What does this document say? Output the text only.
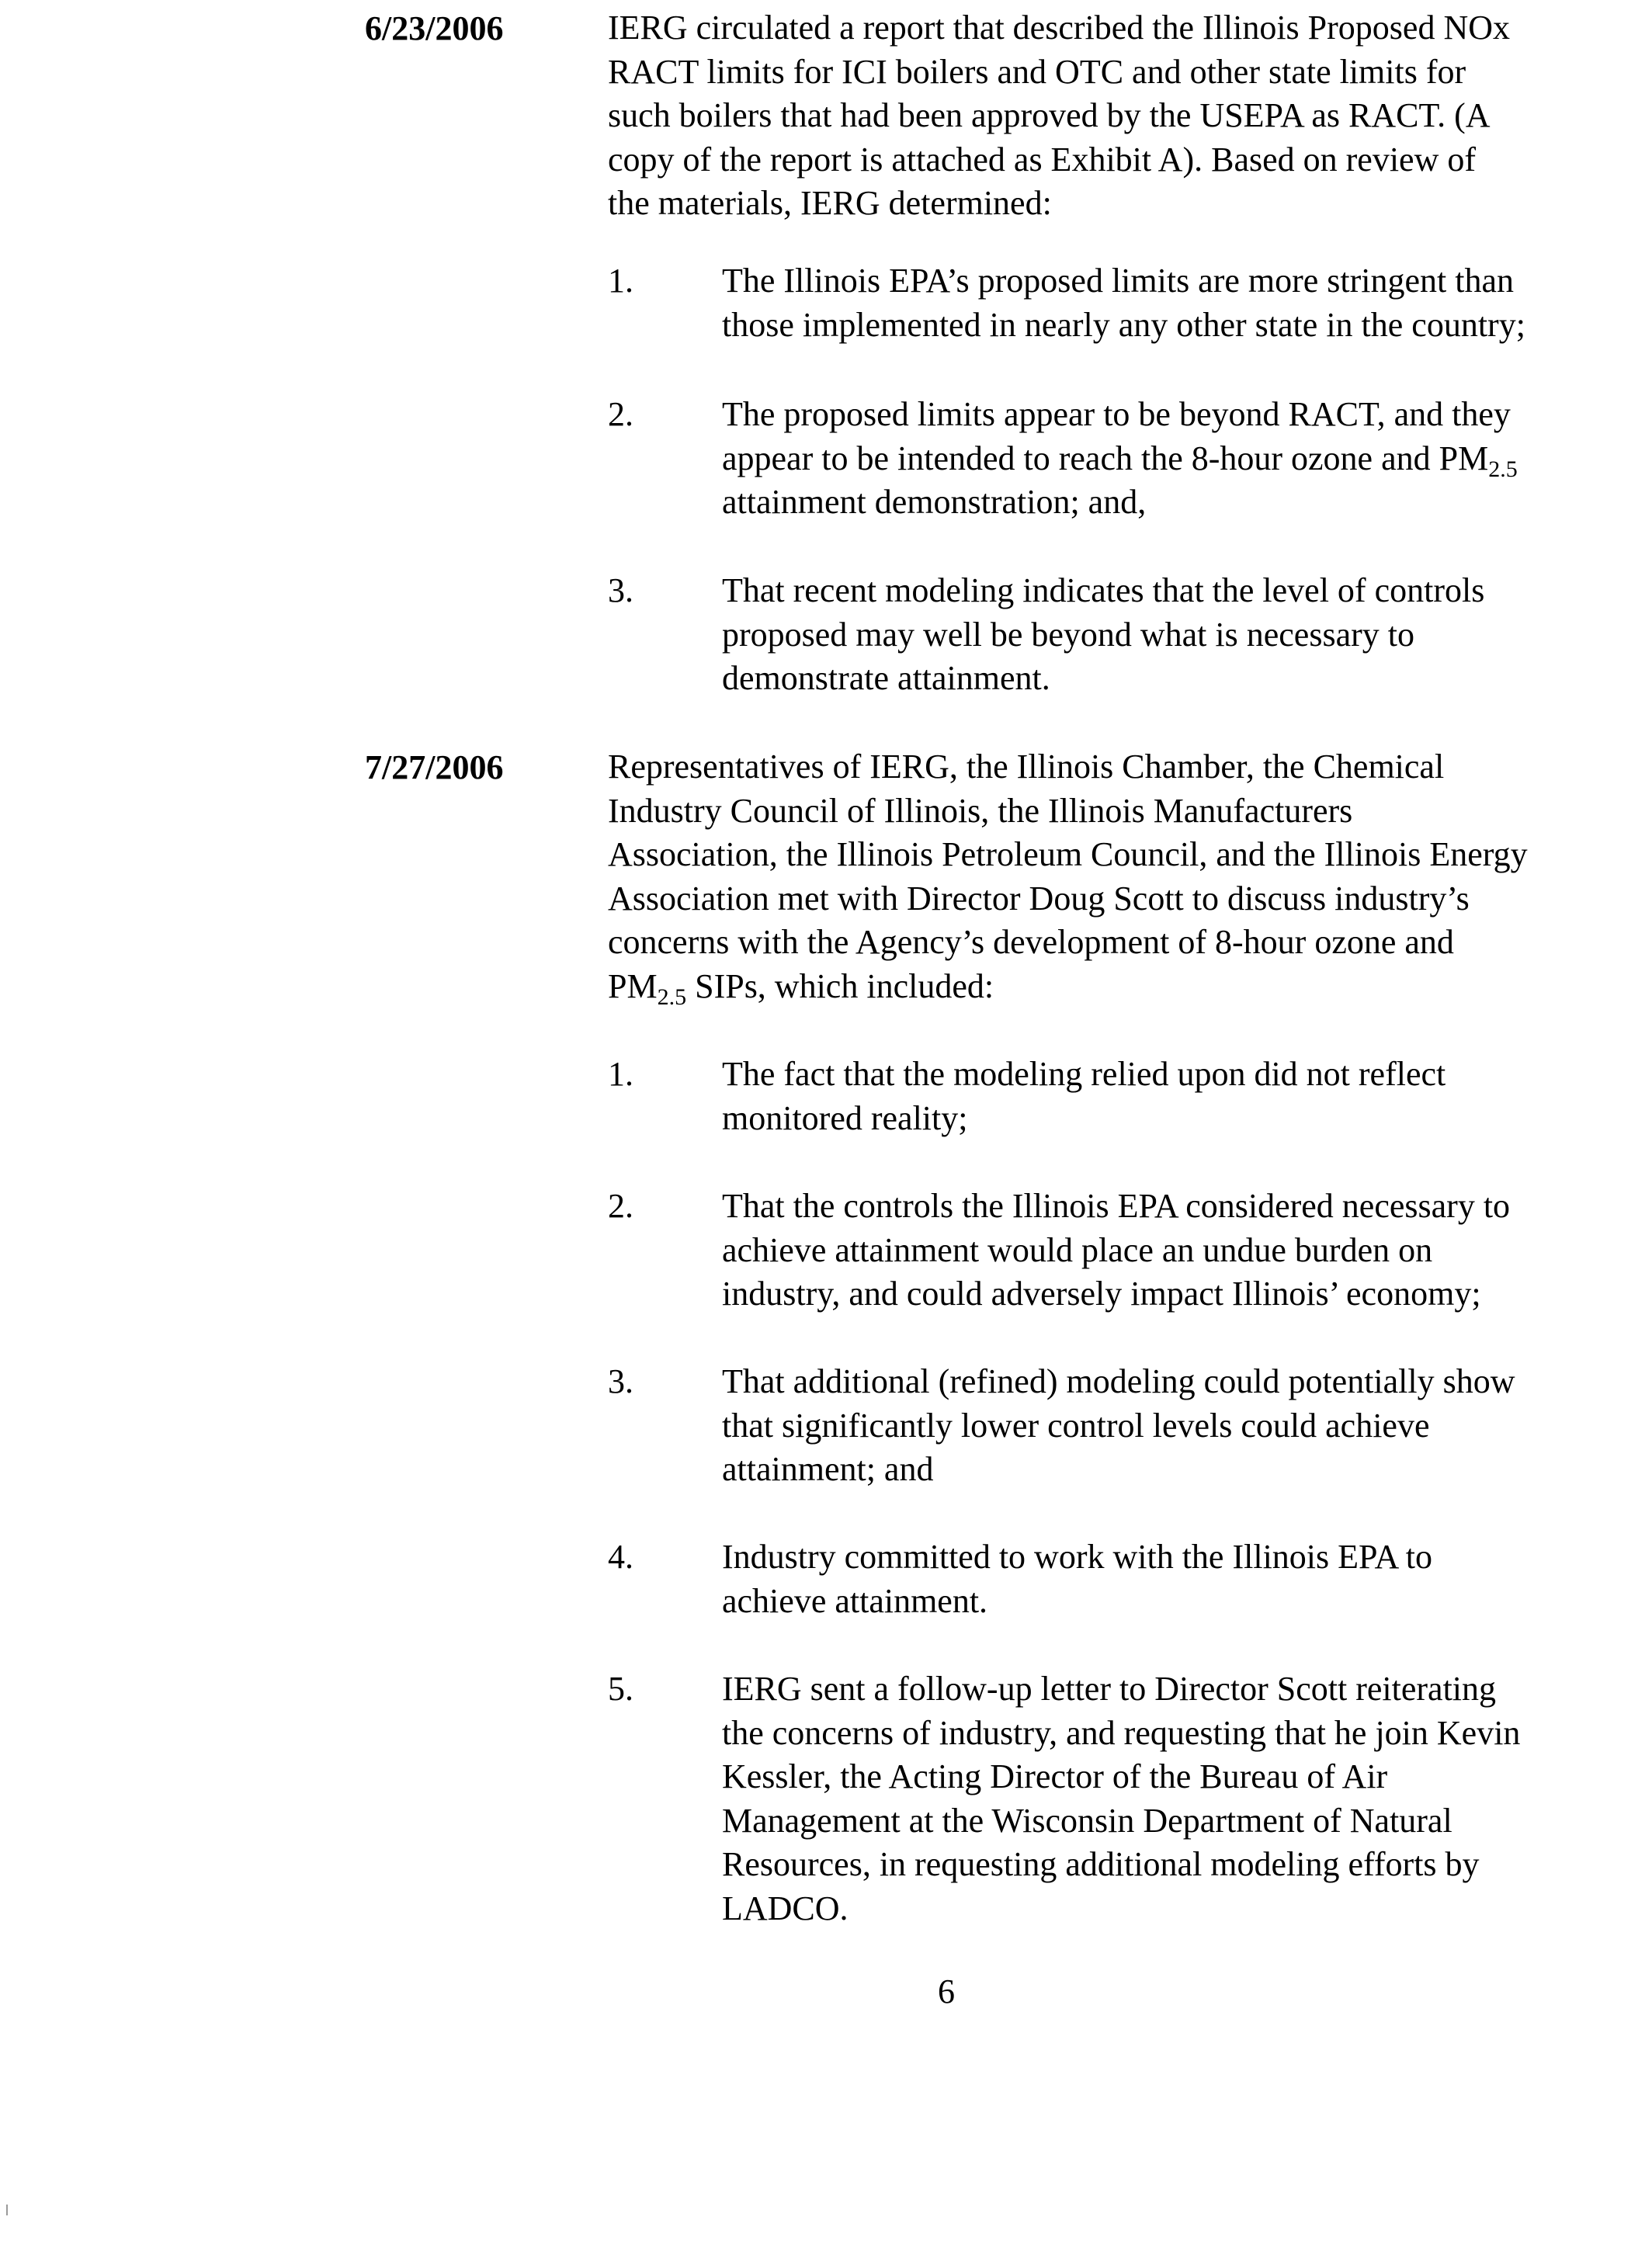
6/23/2006	IERG circulated a report that described the Illinois Proposed NOx
RACT limits for ICI boilers and OTC and other state limits for
such boilers that had been approved by the USEPA as RACT. (A
copy of the report is attached as Exhibit A). Based on review of
the materials, IERG determined:
1.	The Illinois EPA’s proposed limits are more stringent than
those implemented in nearly any other state in the country;
2.	The proposed limits appear to be beyond RACT, and they
appear to be intended to reach the 8-hour ozone and $PM_{2.5}$
attainment demonstration; and,
3.	That recent modeling indicates that the level of controls
proposed may well be beyond what is necessary to
demonstrate attainment.
7/27/2006	Representatives of IERG, the Illinois Chamber, the Chemical
Industry Council of Illinois, the Illinois Manufacturers
Association, the Illinois Petroleum Council, and the Illinois Energy
Association met with Director Doug Scott to discuss industry’s
concerns with the Agency’s development of 8-hour ozone and
$PM_{2.5}$ SIPs, which included:
1.	The fact that the modeling relied upon did not reflect
monitored reality;
2.	That the controls the Illinois EPA considered necessary to
achieve attainment would place an undue burden on
industry, and could adversely impact Illinois’ economy;
3.	That additional (refined) modeling could potentially show
that significantly lower control levels could achieve
attainment; and
4.	Industry committed to work with the Illinois EPA to
achieve attainment.
5.	IERG sent a follow-up letter to Director Scott reiterating
the concerns of industry, and requesting that he join Kevin
Kessler, the Acting Director of the Bureau of Air
Management at the Wisconsin Department of Natural
Resources, in requesting additional modeling efforts by
LADCO.
6
